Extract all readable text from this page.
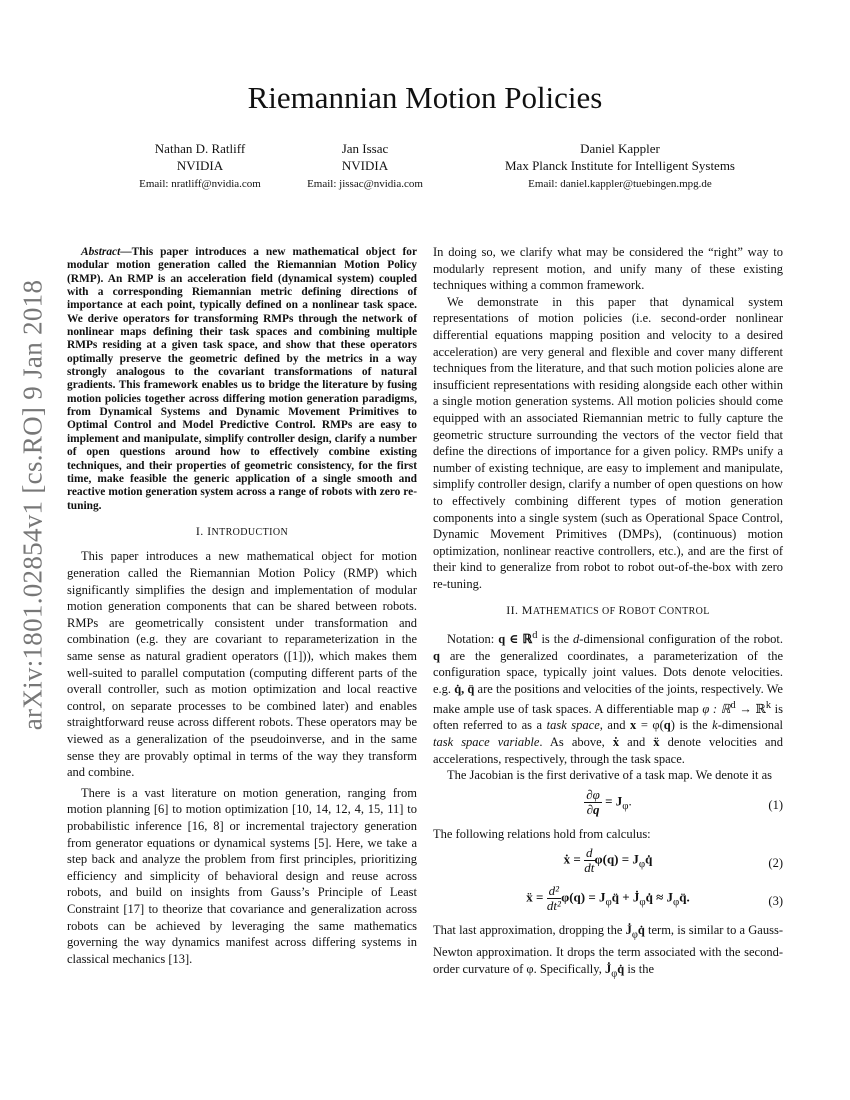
arXiv:1801.02854v1 [cs.RO] 9 Jan 2018
Riemannian Motion Policies
Nathan D. Ratliff
NVIDIA
Email: nratliff@nvidia.com
Jan Issac
NVIDIA
Email: jissac@nvidia.com
Daniel Kappler
Max Planck Institute for Intelligent Systems
Email: daniel.kappler@tuebingen.mpg.de

Abstract—This paper introduces a new mathematical object for modular motion generation called the Riemannian Motion Policy (RMP). An RMP is an acceleration field (dynamical system) coupled with a corresponding Riemannian metric defining directions of importance at each point, typically defined on a nonlinear task space. We derive operators for transforming RMPs through the network of nonlinear maps defining their task spaces and combining multiple RMPs residing at a given task space, and show that these operators optimally preserve the geometric defined by the metrics in a way strongly analogous to the covariant transformations of natural gradients. This framework enables us to bridge the literature by fusing motion policies together across differing motion generation paradigms, from Dynamical Systems and Dynamic Movement Primitives to Optimal Control and Model Predictive Control. RMPs are easy to implement and manipulate, simplify controller design, clarify a number of open questions around how to effectively combine existing techniques, and their properties of geometric consistency, for the first time, make feasible the generic application of a single smooth and reactive motion generation system across a range of robots with zero re-tuning.

I. INTRODUCTION

This paper introduces a new mathematical object for motion generation called the Riemannian Motion Policy (RMP) which significantly simplifies the design and implementation of modular motion generation components that can be shared between robots. RMPs are geometrically consistent under transformation and combination (e.g. they are covariant to reparameterization in the same sense as natural gradient operators ([1])), which makes them well-suited to parallel computation (computing different parts of the overall controller, such as motion optimization and local reactive control, on separate processes to be combined later) and enables straightforward reuse across different robots. These operators may be viewed as a generalization of the pseudoinverse, and in the same sense they are provably optimal in terms of the way they transform and combine.

There is a vast literature on motion generation, ranging from motion planning [6] to motion optimization [10, 14, 12, 4, 15, 11] to probabilistic inference [16, 8] or incremental trajectory generation from generator equations or dynamical systems [5]. Here, we take a step back and analyze the problem from first principles, prioritizing efficiency and simplicity of behavioral design and reuse across robots, and build on insights from Gauss’s Principle of Least Constraint [17] to theorize that covariance and generalization across robots can be achieved by leveraging the same mathematics governing the way dynamics manifest across differing systems in classical mechanics [13].

In doing so, we clarify what may be considered the “right” way to modularly represent motion, and unify many of these existing techniques withing a common framework.

We demonstrate in this paper that dynamical system representations of motion policies (i.e. second-order nonlinear differential equations mapping position and velocity to a desired acceleration) are very general and flexible and cover many different techniques from the literature, and that such motion policies alone are insufficient representations with residing alongside each other within a single motion generation systems. All motion policies should come equipped with an associated Riemannian metric to fully capture the geometric structure surrounding the vectors of the vector field that define the directions of importance for a given policy. RMPs unify a number of existing technique, are easy to implement and manipulate, simplify controller design, clarify a number of open questions on how to effectively combining different types of motion generation components into a single system (such as Operational Space Control, Dynamic Movement Primitives (DMPs), (continuous) motion optimization, nonlinear reactive controllers, etc.), and are the first of their kind to generalize from robot to robot out-of-the-box with zero re-tuning.

II. MATHEMATICS OF ROBOT CONTROL

Notation: q ∈ ℝ$^d$ is the d-dimensional configuration of the robot. q are the generalized coordinates, a parameterization of the configuration space, typically joint values. Dots denote velocities. e.g. q̇, q̈ are the positions and velocities of the joints, respectively. We make ample use of task spaces. A differentiable map φ : ℝ$^d$ → ℝ$^k$ is often referred to as a task space, and x = φ(q) is the k-dimensional task space variable. As above, ẋ and ẍ denote velocities and accelerations, respectively, through the task space.

The Jacobian is the first derivative of a task map. We denote it as

$\frac{\partial\varphi}{\partial q} = J_\varphi$.	(1)

The following relations hold from calculus:

ẋ = $\frac{d}{dt} \varphi(q)$ = $J_\varphi q̇$	(2)
ẍ = $\frac{\text{d²}}{\text{dt²}} \varphi(q)$ = $J_\varphi q̈$ + $J̇_\varphi q̇$ ≈ $J_\varphi q̈$.	(3)

That last approximation, dropping the $J̇_\varphi q̇$ term, is similar to a Gauss-Newton approximation. It drops the term associated with the second-order curvature of φ. Specifically, $J̇_\varphi q̇$ is the
